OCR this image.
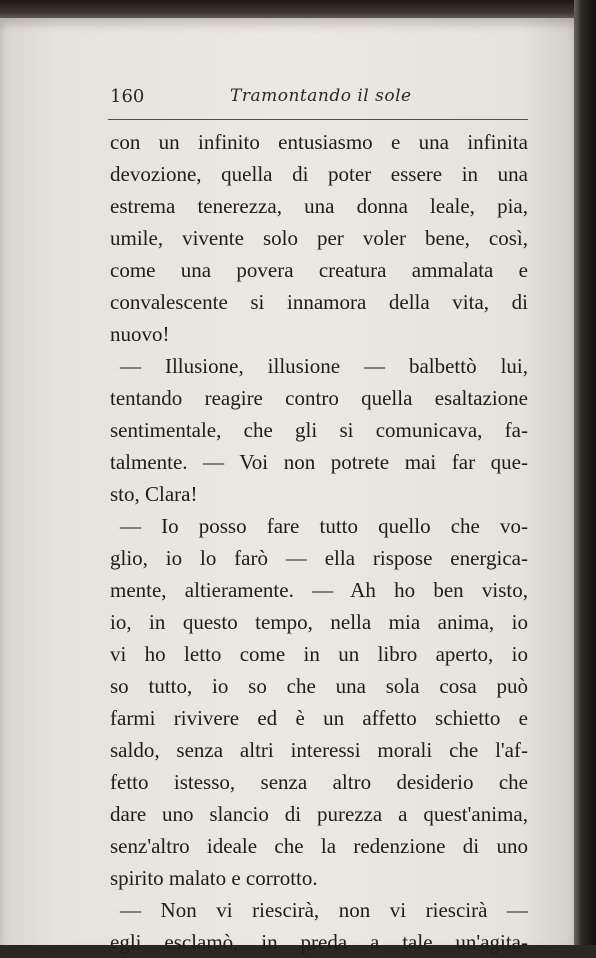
160	Tramontando il sole
con un infinito entusiasmo e una infinita
devozione, quella di poter essere in una
estrema tenerezza, una donna leale, pia,
umile, vivente solo per voler bene, così,
come una povera creatura ammalata e
convalescente si innamora della vita, di
nuovo!
— Illusione, illusione — balbettò lui,
tentando reagire contro quella esaltazione
sentimentale, che gli si comunicava, fa-
talmente. — Voi non potrete mai far que-
sto, Clara!
— Io posso fare tutto quello che vo-
glio, io lo farò — ella rispose energica-
mente, altieramente. — Ah ho ben visto,
io, in questo tempo, nella mia anima, io
vi ho letto come in un libro aperto, io
so tutto, io so che una sola cosa può
farmi rivivere ed è un affetto schietto e
saldo, senza altri interessi morali che l'af-
fetto istesso, senza altro desiderio che
dare uno slancio di purezza a quest'anima,
senz'altro ideale che la redenzione di uno
spirito malato e corrotto.
— Non vi riescirà, non vi riescirà —
egli esclamò, in preda a tale un'agita-
